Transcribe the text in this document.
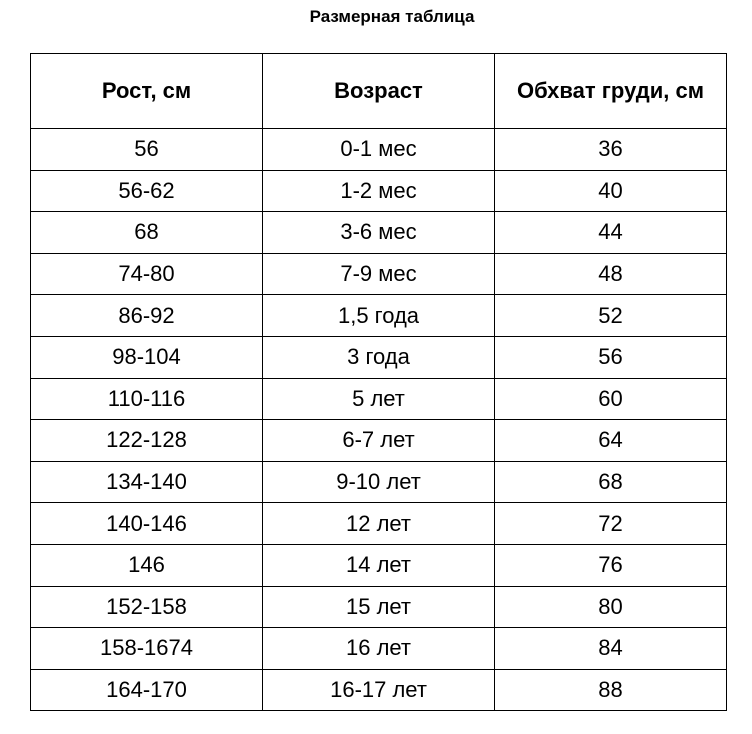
Размерная таблица
Рост, см	Возраст	Обхват груди, см
56	0-1 мес	36
56-62	1-2 мес	40
68	3-6 мес	44
74-80	7-9 мес	48
86-92	1,5 года	52
98-104	3 года	56
110-116	5 лет	60
122-128	6-7 лет	64
134-140	9-10 лет	68
140-146	12 лет	72
146	14 лет	76
152-158	15 лет	80
158-1674	16 лет	84
164-170	16-17 лет	88
